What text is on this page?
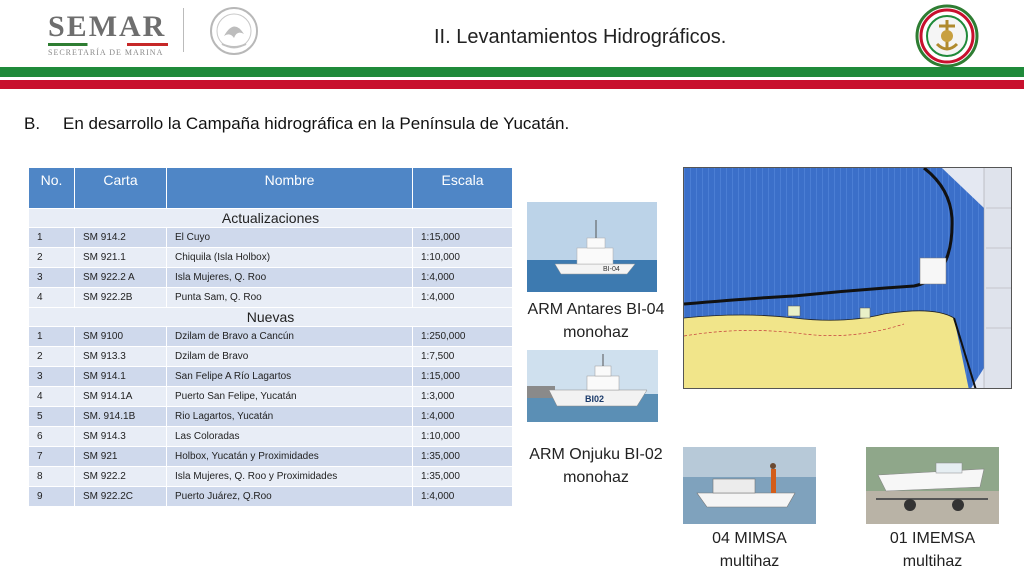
SEMAR
SECRETARÍA DE MARINA
II. Levantamientos Hidrográficos.
B. En desarrollo la Campaña hidrográfica en la Península de Yucatán.
No.	Carta	Nombre	Escala
Actualizaciones			
1	SM 914.2	El Cuyo	1:15,000
2	SM 921.1	Chiquila (Isla Holbox)	1:10,000
3	SM 922.2 A	Isla Mujeres, Q. Roo	1:4,000
4	SM 922.2B	Punta Sam, Q. Roo	1:4,000
Nuevas			
1	SM 9100	Dzilam de Bravo a Cancún	1:250,000
2	SM 913.3	Dzilam de Bravo	1:7,500
3	SM 914.1	San Felipe A Río Lagartos	1:15,000
4	SM 914.1A	Puerto San Felipe, Yucatán	1:3,000
5	SM. 914.1B	Rio Lagartos, Yucatán	1:4,000
6	SM 914.3	Las Coloradas	1:10,000
7	SM 921	Holbox, Yucatán y Proximidades	1:35,000
8	SM 922.2	Isla Mujeres, Q. Roo y Proximidades	1:35,000
9	SM 922.2C	Puerto Juárez, Q.Roo	1:4,000
BI-04
ARM Antares BI-04
monohaz
BI02
ARM Onjuku BI-02
monohaz
04 MIMSA
multihaz
01 IMEMSA
multihaz
